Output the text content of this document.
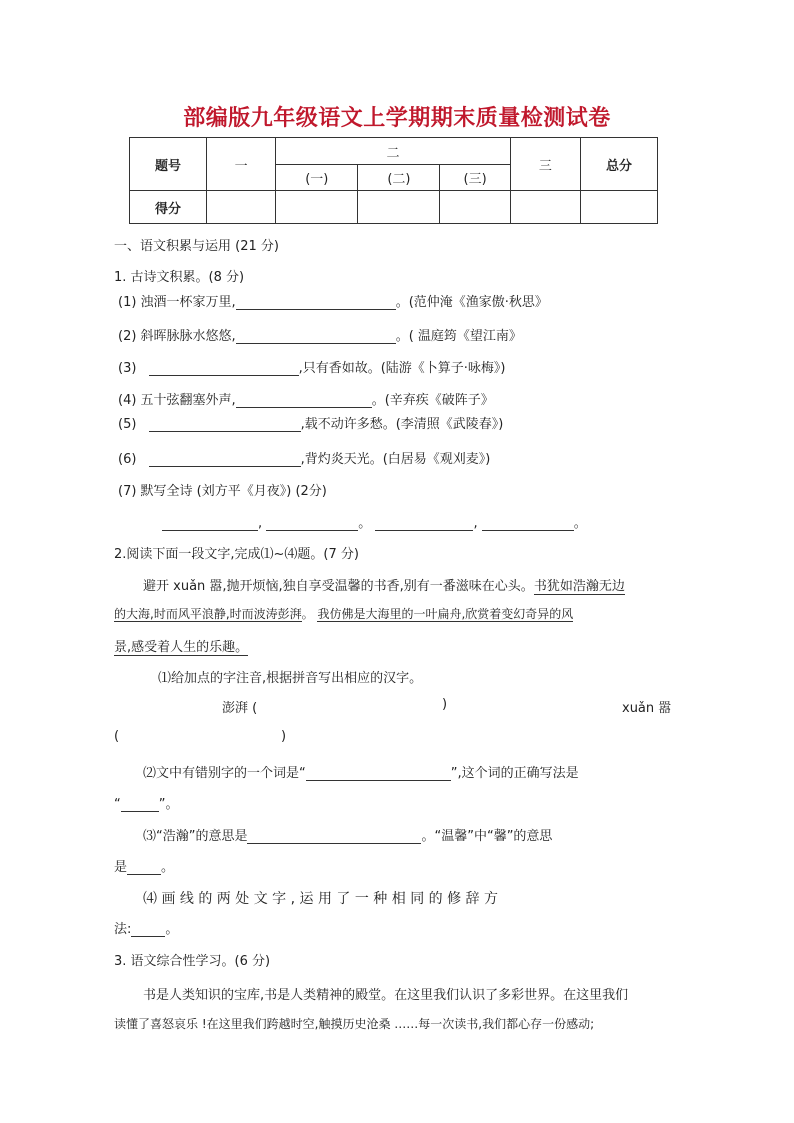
部编版九年级语文上学期期末质量检测试卷
题号	一	二			三	总分
		(一)	(二)	(三)		
得分						
一、语文积累与运用 (21 分)
1. 古诗文积累。(8 分)
(1) 浊酒一杯家万里,	。(范仲淹《渔家傲·秋思》
(2) 斜晖脉脉水悠悠,	。( 温庭筠《望江南》
(3)	,只有香如故。(陆游《卜算子·咏梅》)
(4) 五十弦翻塞外声,	。(辛弃疾《破阵子》
(5)	,载不动许多愁。(李清照《武陵春》)
(6)	,背灼炎天光。(白居易《观刈麦》)
(7) 默写全诗 (刘方平《月夜》) (2分)
,	。	,	。
2.阅读下面一段文字,完成⑴~⑷题。(7 分)
避开 xuǎn 嚣,抛开烦恼,独自享受温馨的书香,别有一番滋味在心头。书犹如浩瀚无边
的大海,时而风平浪静,时而波涛彭湃。 我仿佛是大海里的一叶扁舟,欣赏着变幻奇异的风
景,感受着人生的乐趣。
⑴给加点的字注音,根据拼音写出相应的汉字。
澎湃 (	)	xuǎn 嚣
(	)
⑵文中有错别字的一个词是“	”,这个词的正确写法是
“	”。
⑶“浩瀚”的意思是	。“温馨”中“馨”的意思
是	。
⑷ 画 线 的 两 处 文 字 , 运 用 了 一 种 相 同 的 修 辞 方
法:	。
3. 语文综合性学习。(6 分)
书是人类知识的宝库,书是人类精神的殿堂。在这里我们认识了多彩世界。在这里我们
读懂了喜怒哀乐 !在这里我们跨越时空,触摸历史沧桑 ……每一次读书,我们都心存一份感动;
